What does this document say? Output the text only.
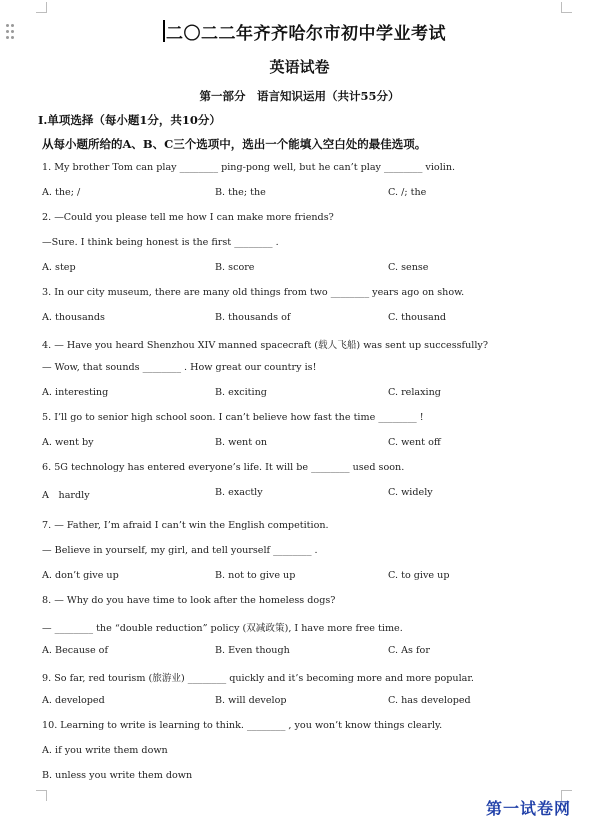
二〇二二年齐齐哈尔市初中学业考试
英语试卷
第一部分　语言知识运用（共计55分）
I.单项选择（每小题1分，共10分）
从每小题所给的A、B、C三个选项中，选出一个能填入空白处的最佳选项。
1. My brother Tom can play ________ ping-pong well, but he can’t play ________ violin.
A. the; /	B. the; the	C. /; the
2. —Could you please tell me how I can make more friends?
—Sure. I think being honest is the first ________ .
A. step	B. score	C. sense
3. In our city museum, there are many old things from two ________ years ago on show.
A. thousands	B. thousands of	C. thousand
4. — Have you heard Shenzhou XIV manned spacecraft (载人飞船) was sent up successfully?
— Wow, that sounds ________ . How great our country is!
A. interesting	B. exciting	C. relaxing
5. I’ll go to senior high school soon. I can’t believe how fast the time ________ !
A. went by	B. went on	C. went off
6. 5G technology has entered everyone’s life. It will be ________ used soon.
A　hardly	B. exactly	C. widely
7. — Father, I’m afraid I can’t win the English competition.
— Believe in yourself, my girl, and tell yourself ________ .
A. don’t give up	B. not to give up	C. to give up
8. — Why do you have time to look after the homeless dogs?
— ________ the “double reduction” policy (双减政策), I have more free time.
A. Because of	B. Even though	C. As for
9. So far, red tourism (旅游业) ________ quickly and it’s becoming more and more popular.
A. developed	B. will develop	C. has developed
10. Learning to write is learning to think. ________ , you won’t know things clearly.
A. if you write them down
B. unless you write them down
第一试卷网
